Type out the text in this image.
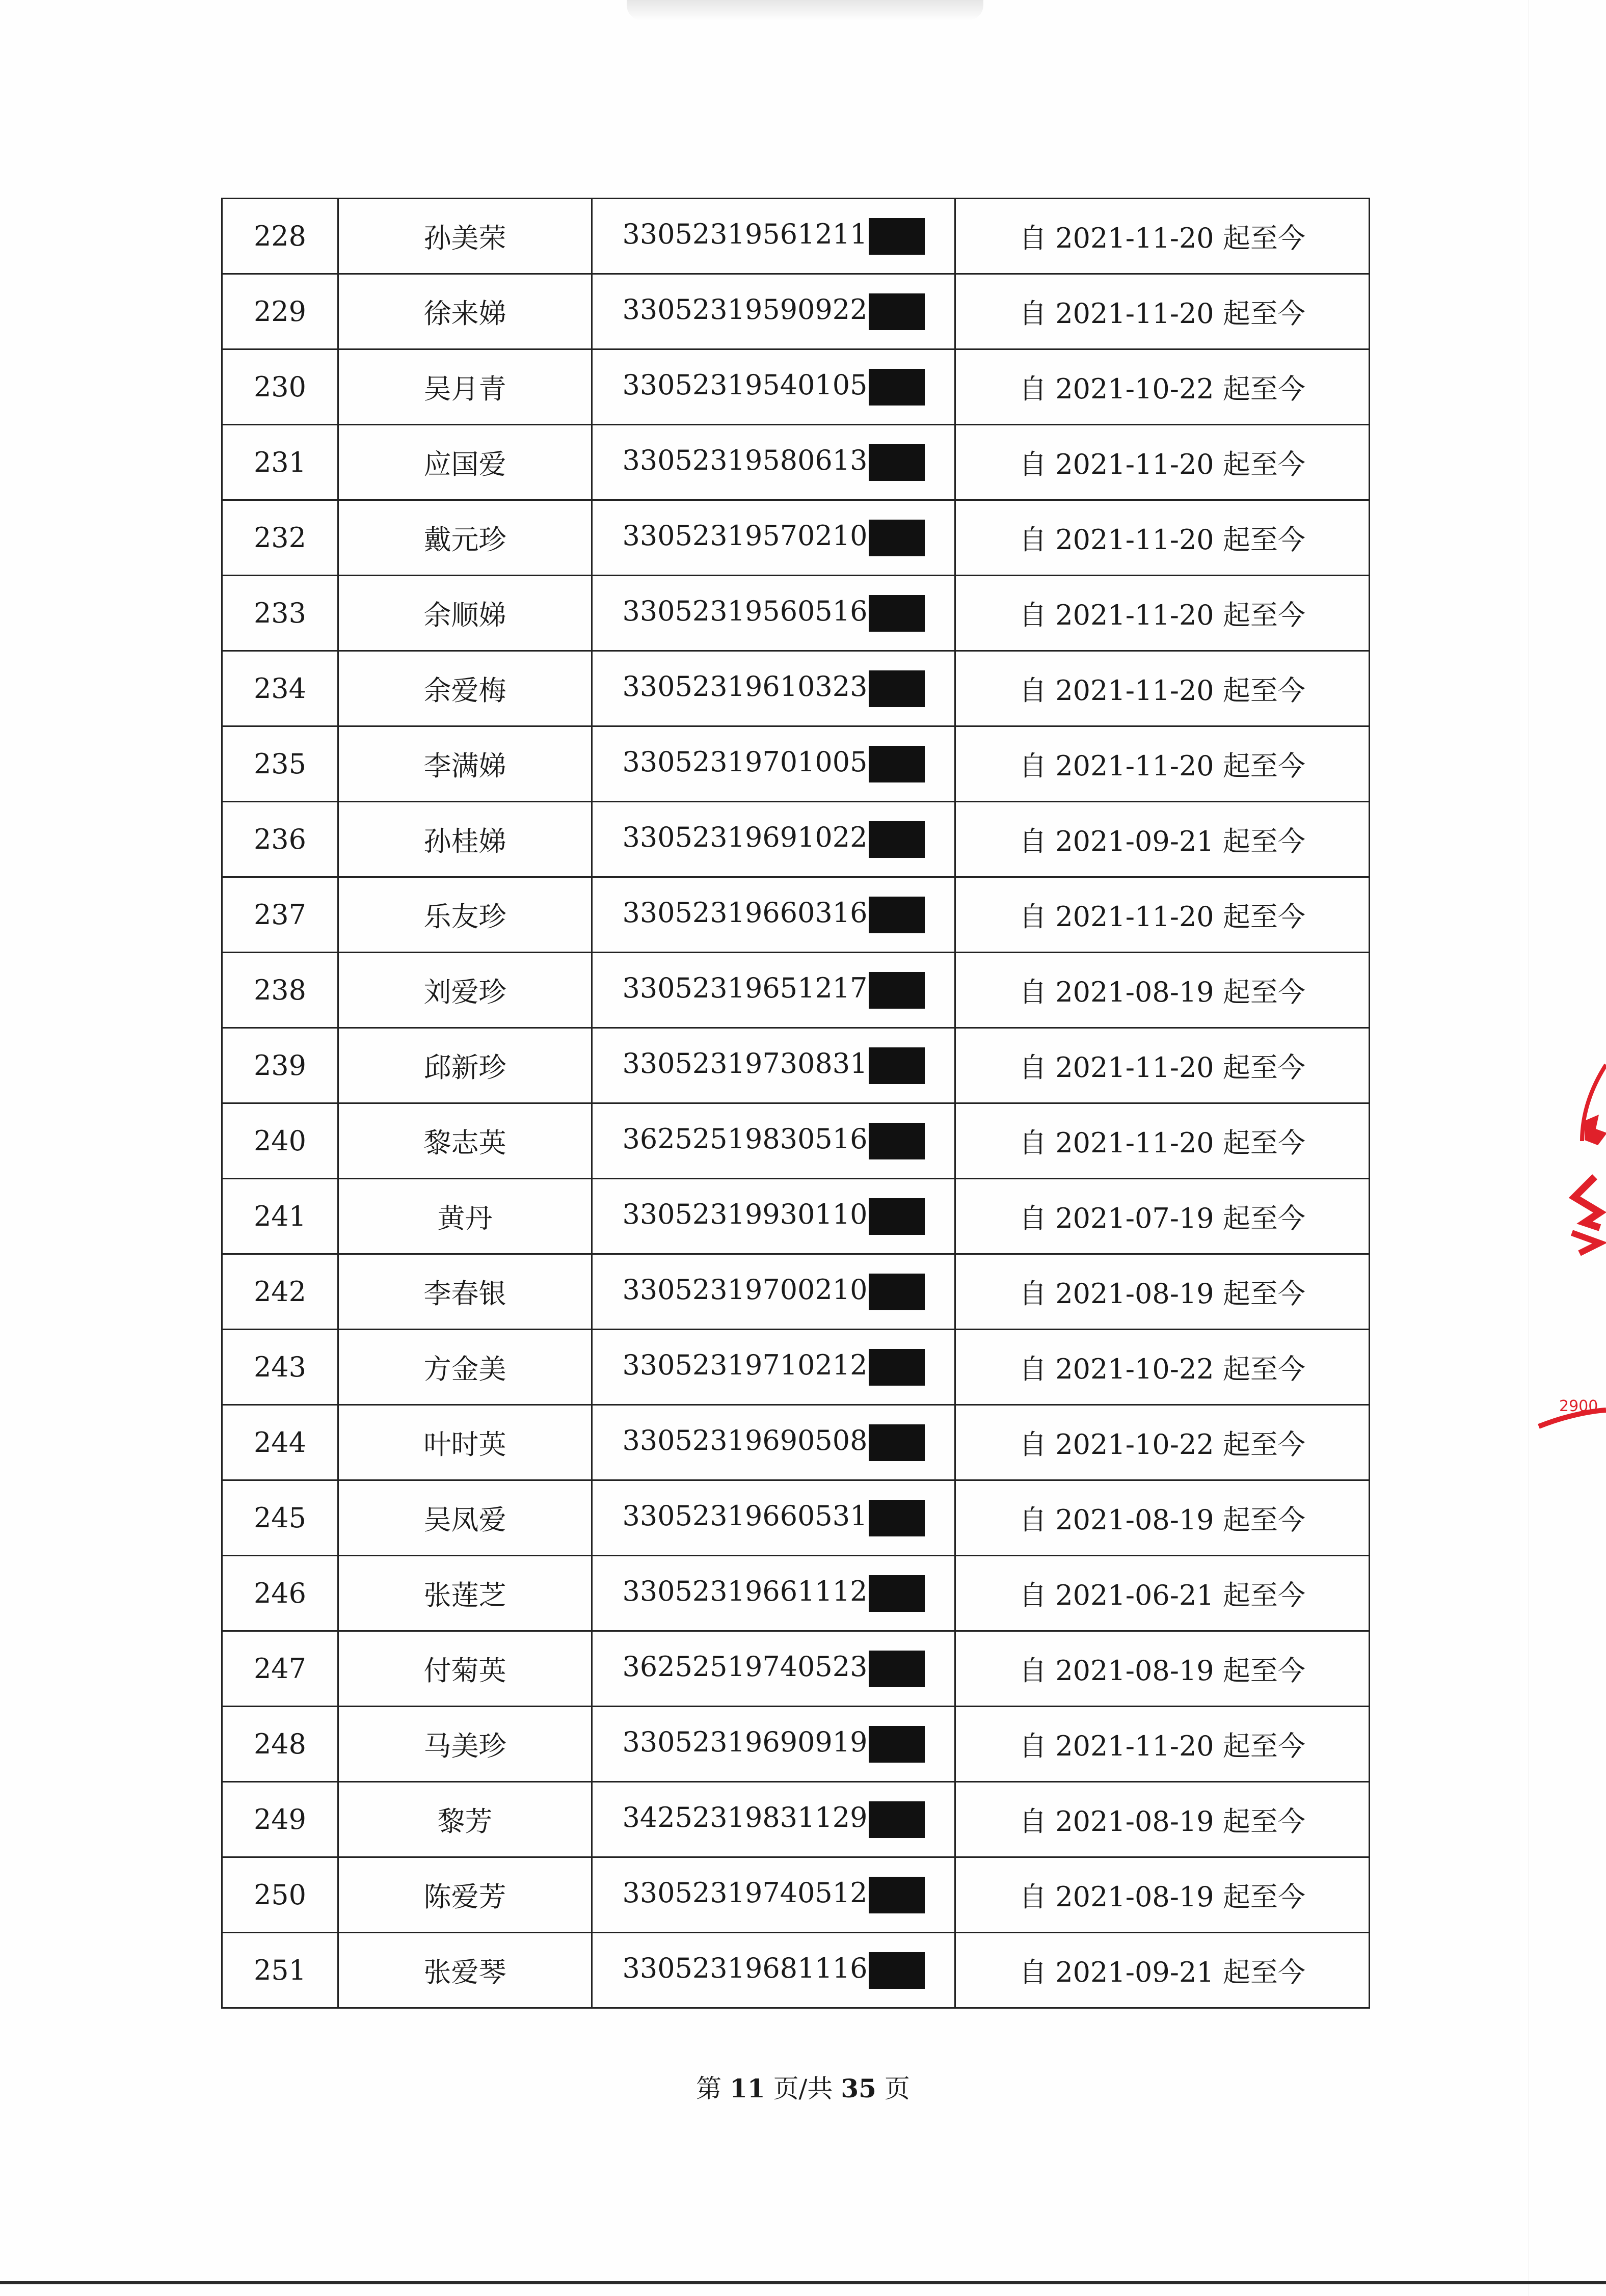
228	孙美荣	33052319561211	自 2021-11-20 起至今
229	徐来娣	33052319590922	自 2021-11-20 起至今
230	吴月青	33052319540105	自 2021-10-22 起至今
231	应国爱	33052319580613	自 2021-11-20 起至今
232	戴元珍	33052319570210	自 2021-11-20 起至今
233	余顺娣	33052319560516	自 2021-11-20 起至今
234	余爱梅	33052319610323	自 2021-11-20 起至今
235	李满娣	33052319701005	自 2021-11-20 起至今
236	孙桂娣	33052319691022	自 2021-09-21 起至今
237	乐友珍	33052319660316	自 2021-11-20 起至今
238	刘爱珍	33052319651217	自 2021-08-19 起至今
239	邱新珍	33052319730831	自 2021-11-20 起至今
240	黎志英	36252519830516	自 2021-11-20 起至今
241	黄丹	33052319930110	自 2021-07-19 起至今
242	李春银	33052319700210	自 2021-08-19 起至今
243	方金美	33052319710212	自 2021-10-22 起至今
244	叶时英	33052319690508	自 2021-10-22 起至今
245	吴凤爱	33052319660531	自 2021-08-19 起至今
246	张莲芝	33052319661112	自 2021-06-21 起至今
247	付菊英	36252519740523	自 2021-08-19 起至今
248	马美珍	33052319690919	自 2021-11-20 起至今
249	黎芳	34252319831129	自 2021-08-19 起至今
250	陈爱芳	33052319740512	自 2021-08-19 起至今
251	张爱琴	33052319681116	自 2021-09-21 起至今
第 11 页/共 35 页
2900
